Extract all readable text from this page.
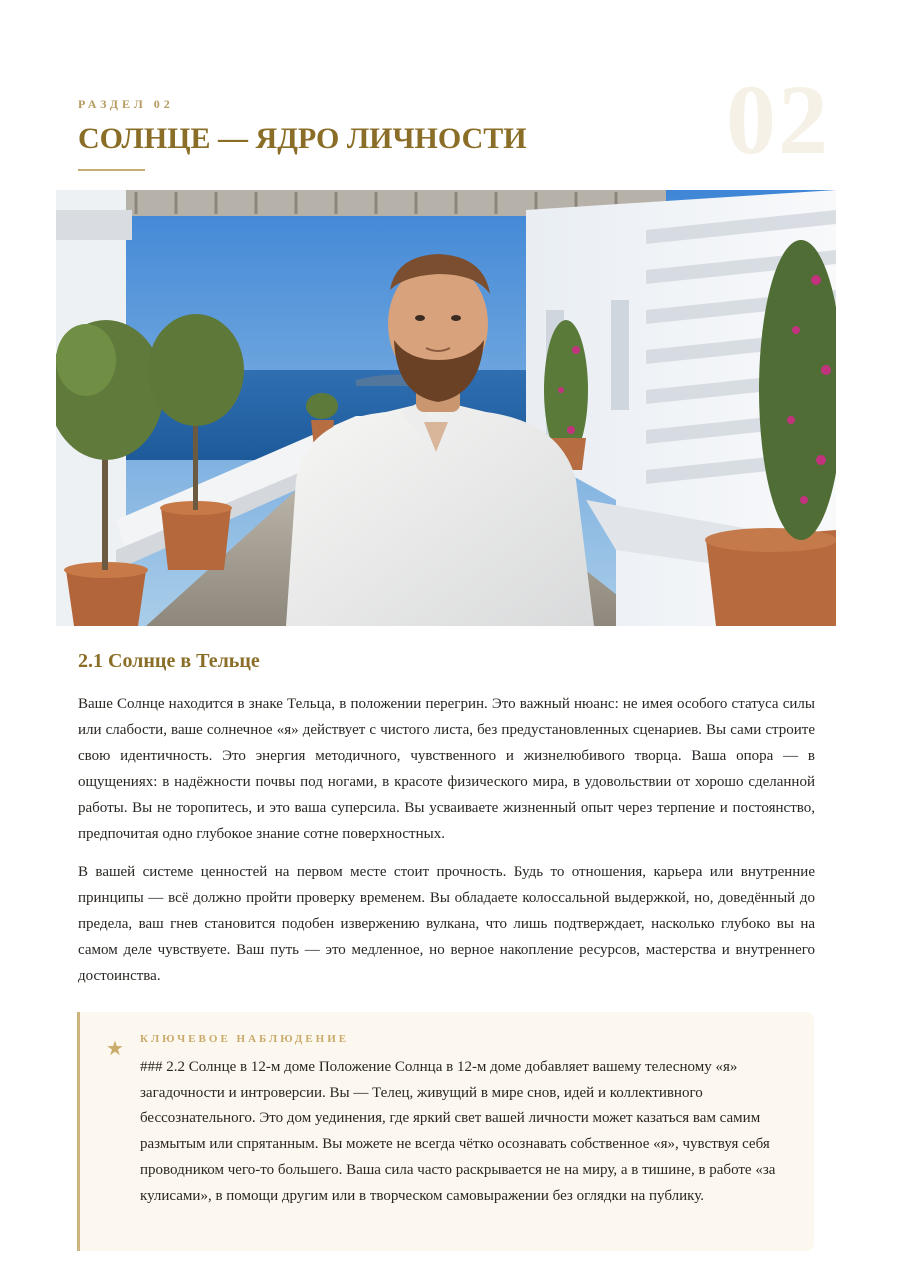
02
РАЗДЕЛ 02
СОЛНЦЕ — ЯДРО ЛИЧНОСТИ
2.1 Солнце в Тельце

Ваше Солнце находится в знаке Тельца, в положении перегрин. Это важный нюанс: не имея особого статуса силы или слабости, ваше солнечное «я» действует с чистого листа, без предустановленных сценариев. Вы сами строите свою идентичность. Это энергия методичного, чувственного и жизнелюбивого творца. Ваша опора — в ощущениях: в надёжности почвы под ногами, в красоте физического мира, в удовольствии от хорошо сделанной работы. Вы не торопитесь, и это ваша суперсила. Вы усваиваете жизненный опыт через терпение и постоянство, предпочитая одно глубокое знание сотне поверхностных.

В вашей системе ценностей на первом месте стоит прочность. Будь то отношения, карьера или внутренние принципы — всё должно пройти проверку временем. Вы обладаете колоссальной выдержкой, но, доведённый до предела, ваш гнев становится подобен извержению вулкана, что лишь подтверждает, насколько глубоко вы на самом деле чувствуете. Ваш путь — это медленное, но верное накопление ресурсов, мастерства и внутреннего достоинства.

★ КЛЮЧЕВОЕ НАБЛЮДЕНИЕ

### 2.2 Солнце в 12-м доме Положение Солнца в 12-м доме добавляет вашему телесному «я» загадочности и интроверсии. Вы — Телец, живущий в мире снов, идей и коллективного бессознательного. Это дом уединения, где яркий свет вашей личности может казаться вам самим размытым или спрятанным. Вы можете не всегда чётко осознавать собственное «я», чувствуя себя проводником чего-то большего. Ваша сила часто раскрывается не на миру, а в тишине, в работе «за кулисами», в помощи другим или в творческом самовыражении без оглядки на публику.
